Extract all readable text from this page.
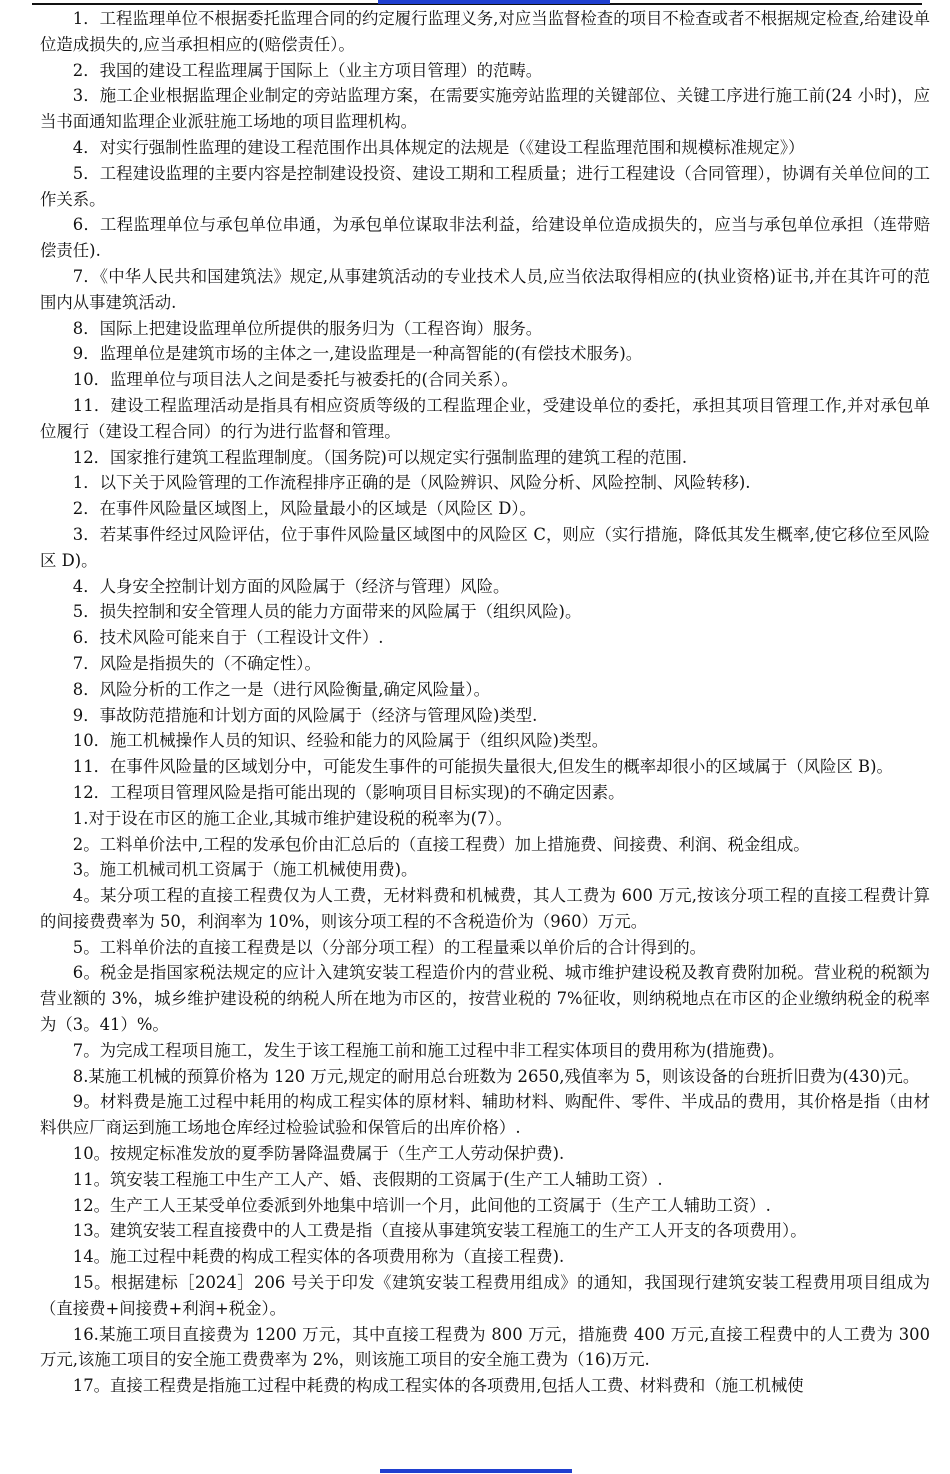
1．工程监理单位不根据委托监理合同的约定履行监理义务,对应当监督检查的项目不检查或者不根据规定检查,给建设单位造成损失的,应当承担相应的(赔偿责任）。

2．我国的建设工程监理属于国际上（业主方项目管理）的范畴。

3．施工企业根据监理企业制定的旁站监理方案，在需要实施旁站监理的关键部位、关键工序进行施工前(24 小时)，应当书面通知监理企业派驻施工场地的项目监理机构。

4．对实行强制性监理的建设工程范围作出具体规定的法规是（《建设工程监理范围和规模标准规定》）

5．工程建设监理的主要内容是控制建设投资、建设工期和工程质量；进行工程建设（合同管理），协调有关单位间的工作关系。

6．工程监理单位与承包单位串通，为承包单位谋取非法利益，给建设单位造成损失的，应当与承包单位承担（连带赔偿责任).

7．《中华人民共和国建筑法》规定,从事建筑活动的专业技术人员,应当依法取得相应的(执业资格)证书,并在其许可的范围内从事建筑活动.

8．国际上把建设监理单位所提供的服务归为（工程咨询）服务。

9．监理单位是建筑市场的主体之一,建设监理是一种高智能的(有偿技术服务)。

10．监理单位与项目法人之间是委托与被委托的(合同关系）。

11．建设工程监理活动是指具有相应资质等级的工程监理企业，受建设单位的委托，承担其项目管理工作,并对承包单位履行（建设工程合同）的行为进行监督和管理。

12．国家推行建筑工程监理制度。（国务院)可以规定实行强制监理的建筑工程的范围.

1．以下关于风险管理的工作流程排序正确的是（风险辨识、风险分析、风险控制、风险转移).

2．在事件风险量区域图上，风险量最小的区域是（风险区 D）。

3．若某事件经过风险评估，位于事件风险量区域图中的风险区 C，则应（实行措施，降低其发生概率,使它移位至风险区 D)。

4．人身安全控制计划方面的风险属于（经济与管理）风险。

5．损失控制和安全管理人员的能力方面带来的风险属于（组织风险)。

6．技术风险可能来自于（工程设计文件）.

7．风险是指损失的（不确定性）。

8．风险分析的工作之一是（进行风险衡量,确定风险量）。

9．事故防范措施和计划方面的风险属于（经济与管理风险)类型.

10．施工机械操作人员的知识、经验和能力的风险属于（组织风险)类型。

11．在事件风险量的区域划分中，可能发生事件的可能损失量很大,但发生的概率却很小的区域属于（风险区 B)。

12．工程项目管理风险是指可能出现的（影响项目目标实现)的不确定因素。

1.对于设在市区的施工企业,其城市维护建设税的税率为(7）。

2。工料单价法中,工程的发承包价由汇总后的（直接工程费）加上措施费、间接费、利润、税金组成。

3。施工机械司机工资属于（施工机械使用费)。

4。某分项工程的直接工程费仅为人工费，无材料费和机械费，其人工费为 600 万元,按该分项工程的直接工程费计算的间接费费率为 50，利润率为 10%，则该分项工程的不含税造价为（960）万元。

5。工料单价法的直接工程费是以（分部分项工程）的工程量乘以单价后的合计得到的。

6。税金是指国家税法规定的应计入建筑安装工程造价内的营业税、城市维护建设税及教育费附加税。营业税的税额为营业额的 3%，城乡维护建设税的纳税人所在地为市区的，按营业税的 7%征收，则纳税地点在市区的企业缴纳税金的税率为（3。41）%。

7。为完成工程项目施工，发生于该工程施工前和施工过程中非工程实体项目的费用称为(措施费)。

8.某施工机械的预算价格为 120 万元,规定的耐用总台班数为 2650,残值率为 5，则该设备的台班折旧费为(430)元。

9。材料费是施工过程中耗用的构成工程实体的原材料、辅助材料、购配件、零件、半成品的费用，其价格是指（由材料供应厂商运到施工场地仓库经过检验试验和保管后的出库价格）.

10。按规定标准发放的夏季防暑降温费属于（生产工人劳动保护费).

11。筑安装工程施工中生产工人产、婚、丧假期的工资属于(生产工人辅助工资）.

12。生产工人王某受单位委派到外地集中培训一个月，此间他的工资属于（生产工人辅助工资）.

13。建筑安装工程直接费中的人工费是指（直接从事建筑安装工程施工的生产工人开支的各项费用）。

14。施工过程中耗费的构成工程实体的各项费用称为（直接工程费).

15。根据建标［2024］206 号关于印发《建筑安装工程费用组成》的通知，我国现行建筑安装工程费用项目组成为（直接费+间接费+利润+税金）。

16.某施工项目直接费为 1200 万元，其中直接工程费为 800 万元，措施费 400 万元,直接工程费中的人工费为 300 万元,该施工项目的安全施工费费率为 2%，则该施工项目的安全施工费为（16)万元.

17。直接工程费是指施工过程中耗费的构成工程实体的各项费用,包括人工费、材料费和（施工机械使
